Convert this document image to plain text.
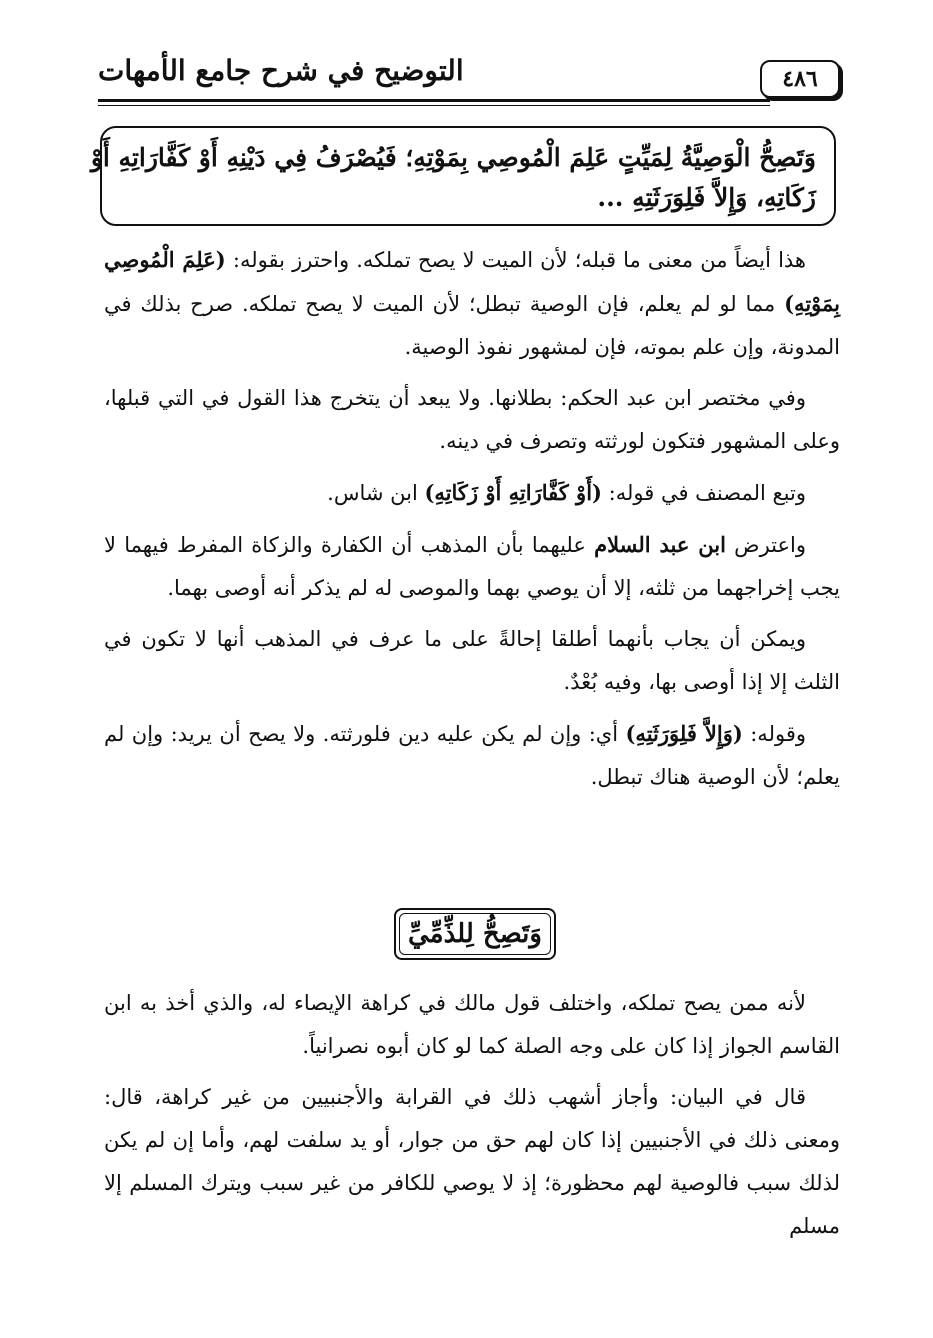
٤٨٦
التوضيح في شرح جامع الأمهات
وَتَصِحُّ الْوَصِيَّةُ لِمَيِّتٍ عَلِمَ الْمُوصِي بِمَوْتِهِ؛ فَيُصْرَفُ فِي دَيْنِهِ أَوْ كَفَّارَاتِهِ أَوْ
زَكَاتِهِ، وَإِلاَّ فَلِوَرَثَتِهِ ...

هذا أيضاً من معنى ما قبله؛ لأن الميت لا يصح تملكه. واحترز بقوله: (عَلِمَ الْمُوصِي بِمَوْتِهِ) مما لو لم يعلم، فإن الوصية تبطل؛ لأن الميت لا يصح تملكه. صرح بذلك في المدونة، وإن علم بموته، فإن لمشهور نفوذ الوصية.

وفي مختصر ابن عبد الحكم: بطلانها. ولا يبعد أن يتخرج هذا القول في التي قبلها، وعلى المشهور فتكون لورثته وتصرف في دينه.

وتبع المصنف في قوله: (أَوْ كَفَّارَاتِهِ أَوْ زَكَاتِهِ) ابن شاس.

واعترض ابن عبد السلام عليهما بأن المذهب أن الكفارة والزكاة المفرط فيهما لا يجب إخراجهما من ثلثه، إلا أن يوصي بهما والموصى له لم يذكر أنه أوصى بهما.

ويمكن أن يجاب بأنهما أطلقا إحالةً على ما عرف في المذهب أنها لا تكون في الثلث إلا إذا أوصى بها، وفيه بُعْدٌ.

وقوله: (وَإِلاَّ فَلِوَرَثَتِهِ) أي: وإن لم يكن عليه دين فلورثته. ولا يصح أن يريد: وإن لم يعلم؛ لأن الوصية هناك تبطل.

وَتَصِحُّ لِلذِّمِّيِّ

لأنه ممن يصح تملكه، واختلف قول مالك في كراهة الإيصاء له، والذي أخذ به ابن القاسم الجواز إذا كان على وجه الصلة كما لو كان أبوه نصرانياً.

قال في البيان: وأجاز أشهب ذلك في القرابة والأجنبيين من غير كراهة، قال: ومعنى ذلك في الأجنبيين إذا كان لهم حق من جوار، أو يد سلفت لهم، وأما إن لم يكن لذلك سبب فالوصية لهم محظورة؛ إذ لا يوصي للكافر من غير سبب ويترك المسلم إلا مسلم
